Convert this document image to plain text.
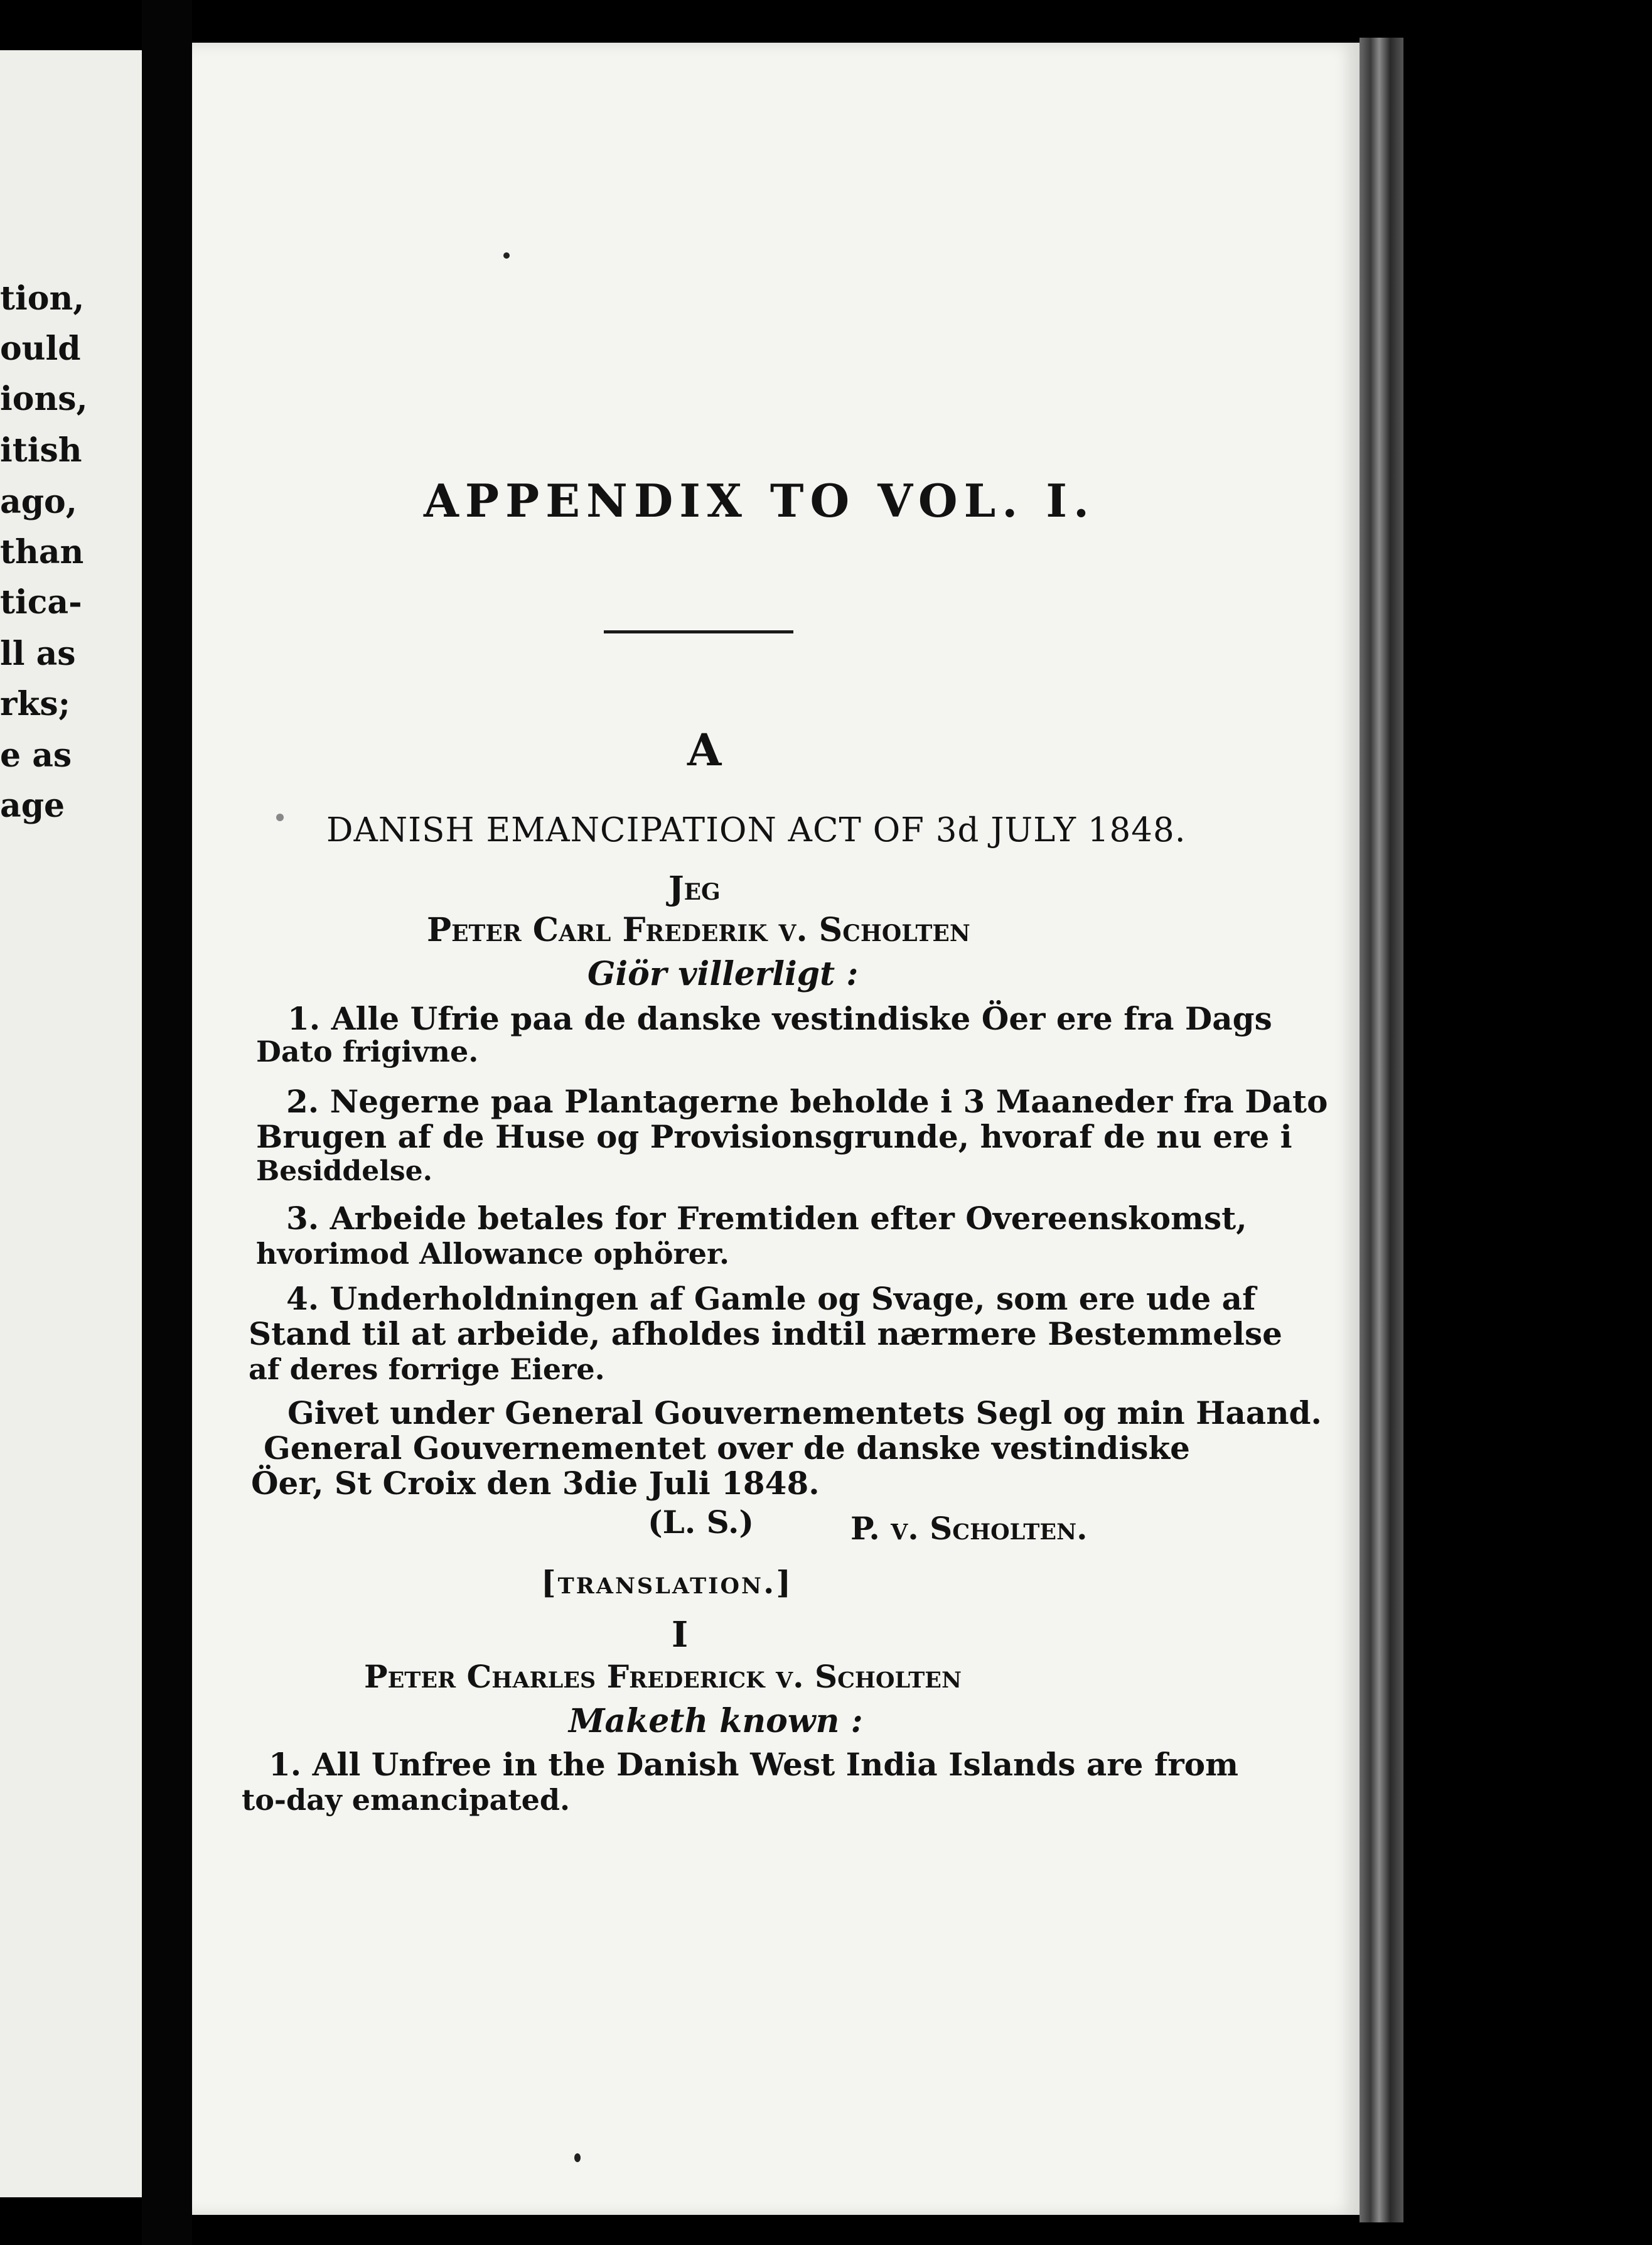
tion,
ould
ions,
itish
ago,
than
tica-
ll as
rks;
e as
age
APPENDIX TO VOL. I.
A
DANISH EMANCIPATION ACT OF 3d JULY 1848.
Jeg
Peter Carl Frederik v. Scholten
Giör villerligt :
1. Alle Ufrie paa de danske vestindiske Öer ere fra Dags
Dato frigivne.
2. Negerne paa Plantagerne beholde i 3 Maaneder fra Dato
Brugen af de Huse og Provisionsgrunde, hvoraf de nu ere i
Besiddelse.
3. Arbeide betales for Fremtiden efter Overeenskomst,
hvorimod Allowance ophörer.
4. Underholdningen af Gamle og Svage, som ere ude af
Stand til at arbeide, afholdes indtil nærmere Bestemmelse
af deres forrige Eiere.
Givet under General Gouvernementets Segl og min Haand.
General Gouvernementet over de danske vestindiske
Öer, St Croix den 3die Juli 1848.
(L. S.)	P. v. Scholten.
[translation.]
I
Peter Charles Frederick v. Scholten
Maketh known :
1. All Unfree in the Danish West India Islands are from
to-day emancipated.
